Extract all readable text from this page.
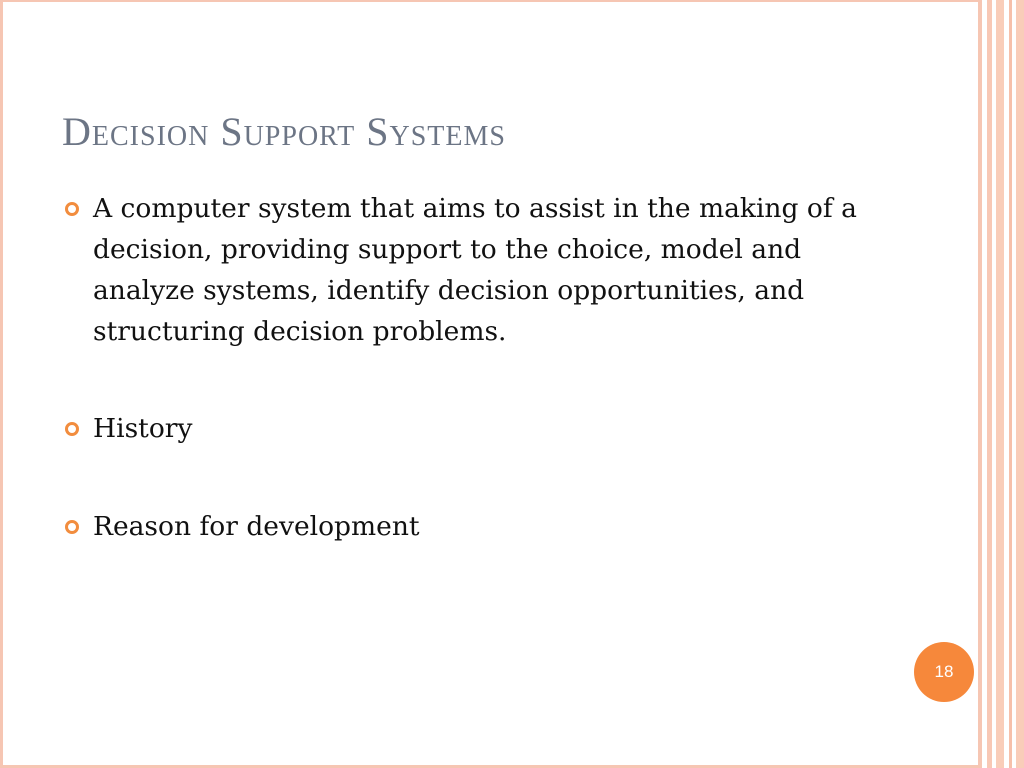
Decision Support Systems
A computer system that aims to assist in the making of a decision, providing support to the choice, model and analyze systems, identify decision opportunities, and structuring decision problems.
History
Reason for development
18
